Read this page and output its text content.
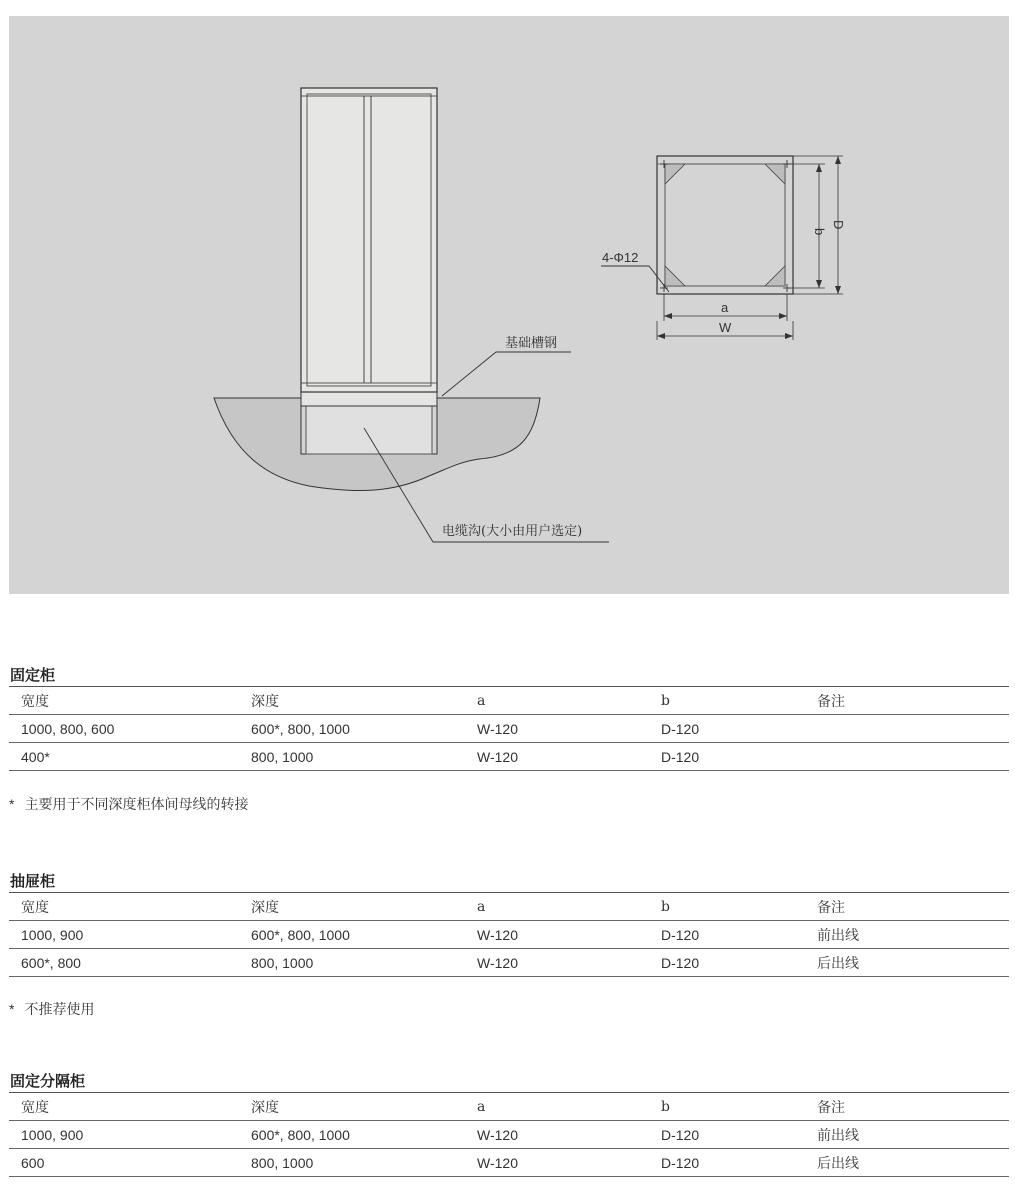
基础槽钢
电缆沟(大小由用户选定)
4-Φ12
a
W
b
D
固定柜
宽度	深度	a	b	备注
1000, 800, 600	600*, 800, 1000	W-120	D-120	
400*	800, 1000	W-120	D-120	
* 主要用于不同深度柜体间母线的转接
抽屉柜
宽度	深度	a	b	备注
1000, 900	600*, 800, 1000	W-120	D-120	前出线
600*, 800	800, 1000	W-120	D-120	后出线
* 不推荐使用
固定分隔柜
宽度	深度	a	b	备注
1000, 900	600*, 800, 1000	W-120	D-120	前出线
600	800, 1000	W-120	D-120	后出线
